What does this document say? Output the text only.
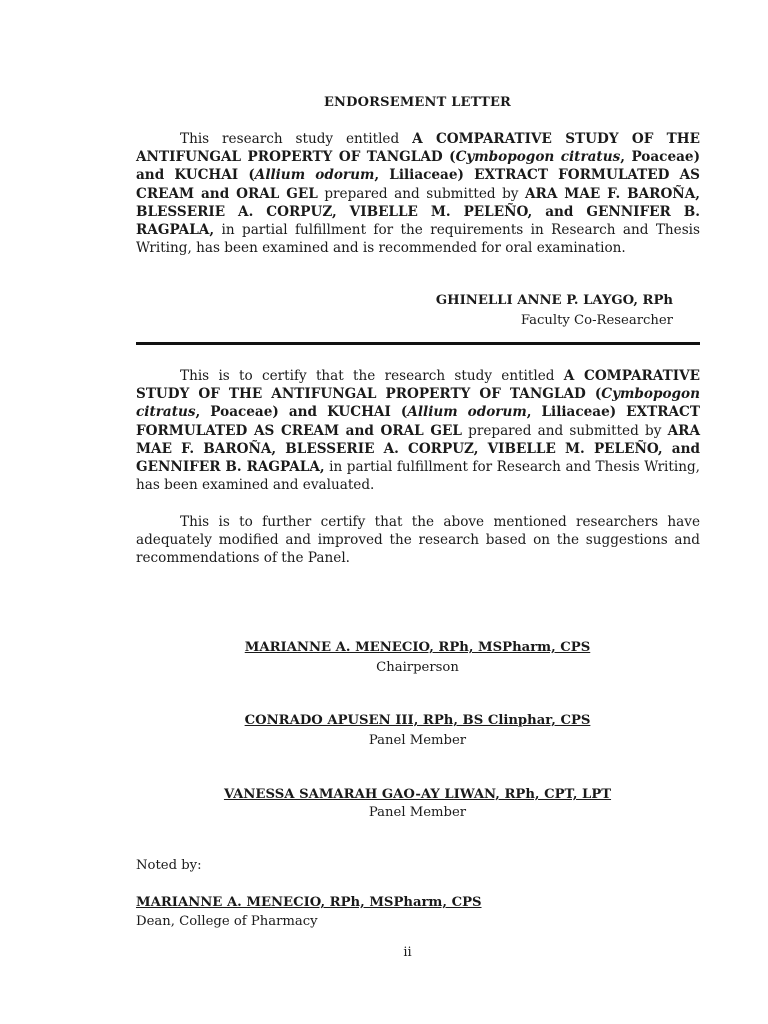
ENDORSEMENT LETTER

This research study entitled A COMPARATIVE STUDY OF THE ANTIFUNGAL PROPERTY OF TANGLAD (Cymbopogon citratus, Poaceae) and KUCHAI (Allium odorum, Liliaceae) EXTRACT FORMULATED AS CREAM and ORAL GEL prepared and submitted by ARA MAE F. BAROÑA, BLESSERIE A. CORPUZ, VIBELLE M. PELEÑO, and GENNIFER B. RAGPALA, in partial fulfillment for the requirements in Research and Thesis Writing, has been examined and is recommended for oral examination.

GHINELLI ANNE P. LAYGO, RPh
Faculty Co-Researcher

This is to certify that the research study entitled A COMPARATIVE STUDY OF THE ANTIFUNGAL PROPERTY OF TANGLAD (Cymbopogon citratus, Poaceae) and KUCHAI (Allium odorum, Liliaceae) EXTRACT FORMULATED AS CREAM and ORAL GEL prepared and submitted by ARA MAE F. BAROÑA, BLESSERIE A. CORPUZ, VIBELLE M. PELEÑO, and GENNIFER B. RAGPALA, in partial fulfillment for Research and Thesis Writing, has been examined and evaluated.

This is to further certify that the above mentioned researchers have adequately modified and improved the research based on the suggestions and recommendations of the Panel.

MARIANNE A. MENECIO, RPh, MSPharm, CPS
Chairperson
CONRADO APUSEN III, RPh, BS Clinphar, CPS
Panel Member
VANESSA SAMARAH GAO-AY LIWAN, RPh, CPT, LPT
Panel Member
Noted by:
MARIANNE A. MENECIO, RPh, MSPharm, CPS
Dean, College of Pharmacy
ii
